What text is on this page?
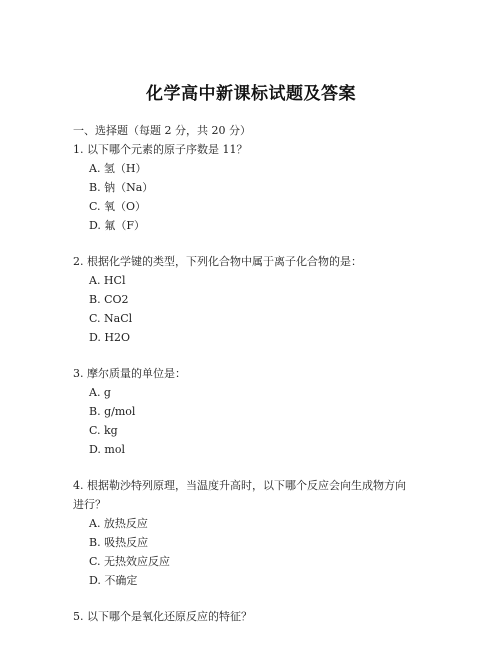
化学高中新课标试题及答案
一、选择题（每题 2 分，共 20 分）
1. 以下哪个元素的原子序数是 11？
A. 氢（H）
B. 钠（Na）
C. 氧（O）
D. 氟（F）
2. 根据化学键的类型，下列化合物中属于离子化合物的是：
A. HCl
B. CO2
C. NaCl
D. H2O
3. 摩尔质量的单位是：
A. g
B. g/mol
C. kg
D. mol
4. 根据勒沙特列原理，当温度升高时，以下哪个反应会向生成物方向
进行？
A. 放热反应
B. 吸热反应
C. 无热效应反应
D. 不确定
5. 以下哪个是氧化还原反应的特征？
